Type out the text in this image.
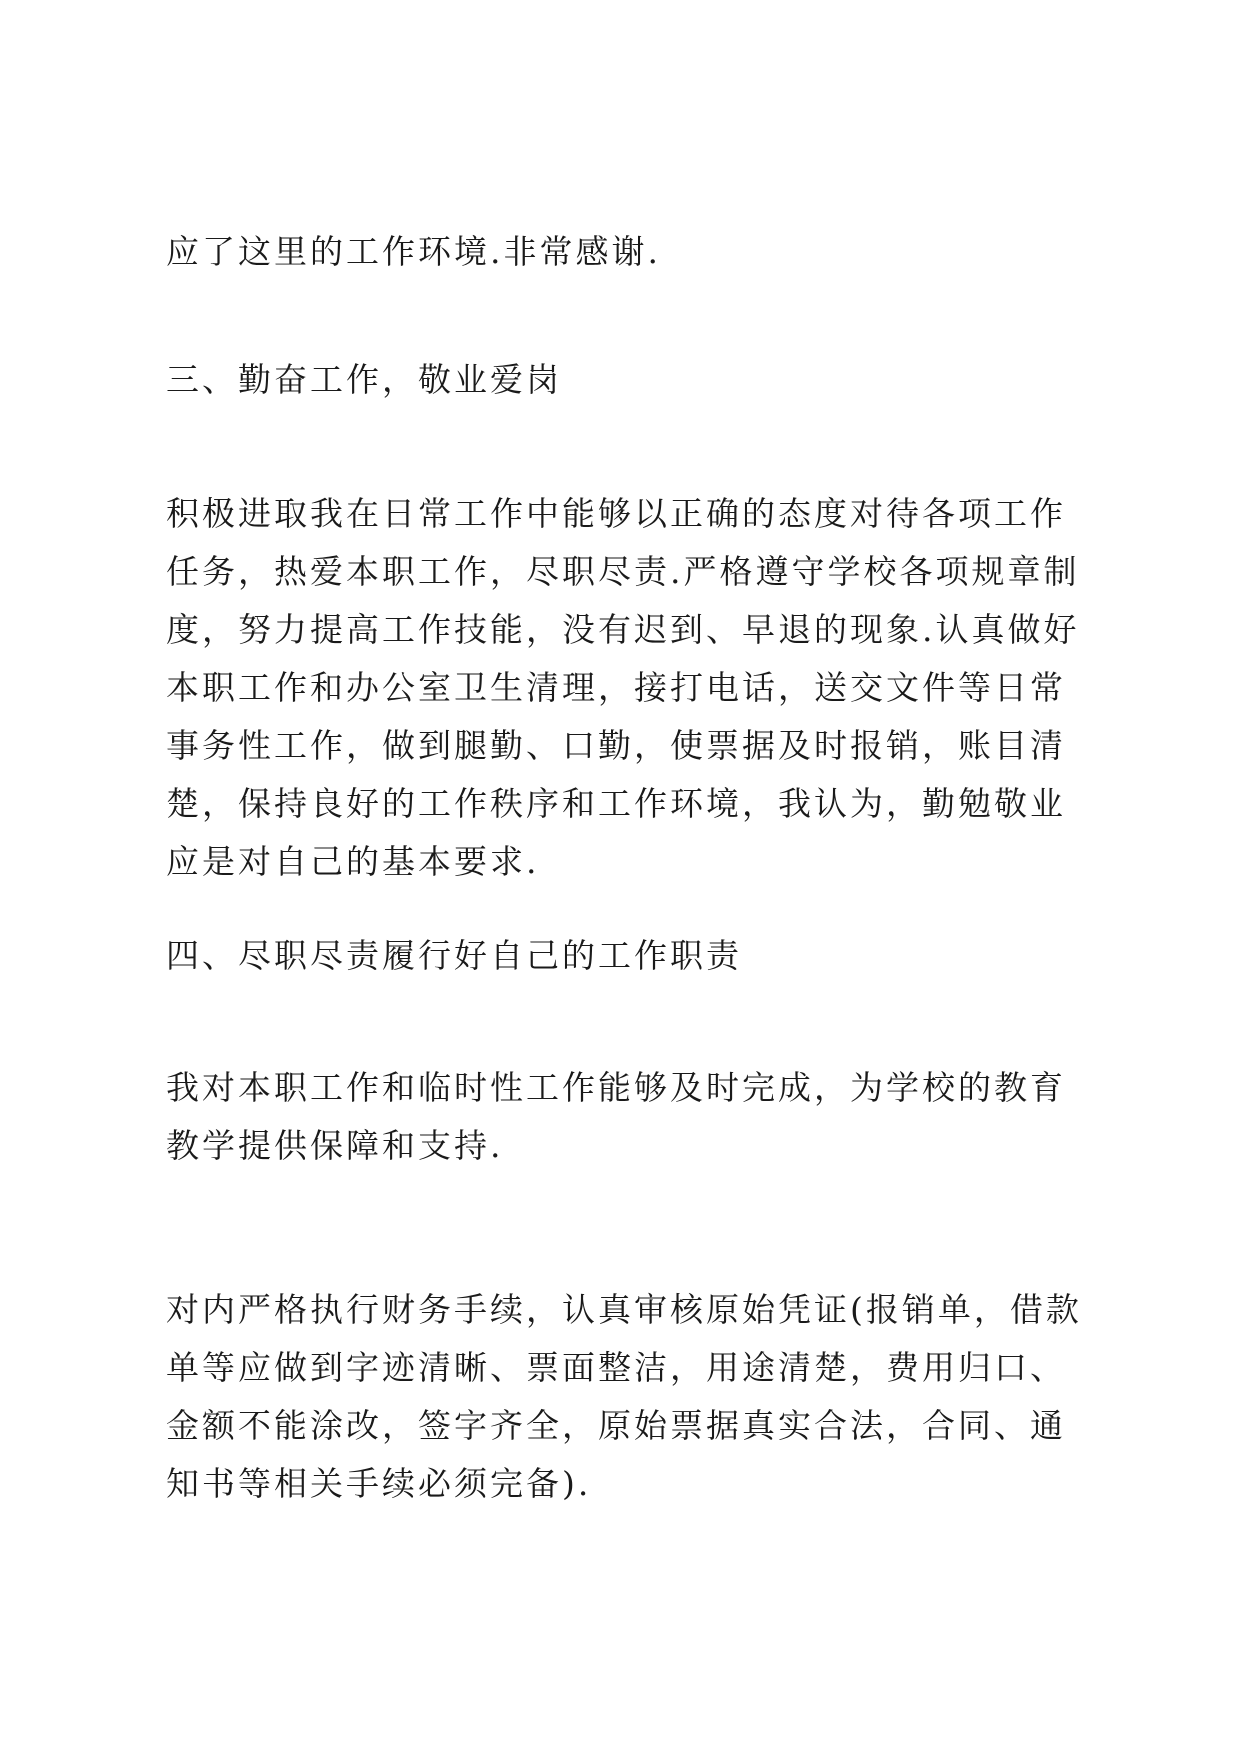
应了这里的工作环境.非常感谢.

三、勤奋工作，敬业爱岗

积极进取我在日常工作中能够以正确的态度对待各项工作任务，热爱本职工作，尽职尽责.严格遵守学校各项规章制度，努力提高工作技能，没有迟到、早退的现象.认真做好本职工作和办公室卫生清理，接打电话，送交文件等日常事务性工作，做到腿勤、口勤，使票据及时报销，账目清楚，保持良好的工作秩序和工作环境，我认为，勤勉敬业应是对自己的基本要求.

四、尽职尽责履行好自己的工作职责

我对本职工作和临时性工作能够及时完成，为学校的教育教学提供保障和支持.

对内严格执行财务手续，认真审核原始凭证(报销单，借款单等应做到字迹清晰、票面整洁，用途清楚，费用归口、金额不能涂改，签字齐全，原始票据真实合法，合同、通知书等相关手续必须完备).
